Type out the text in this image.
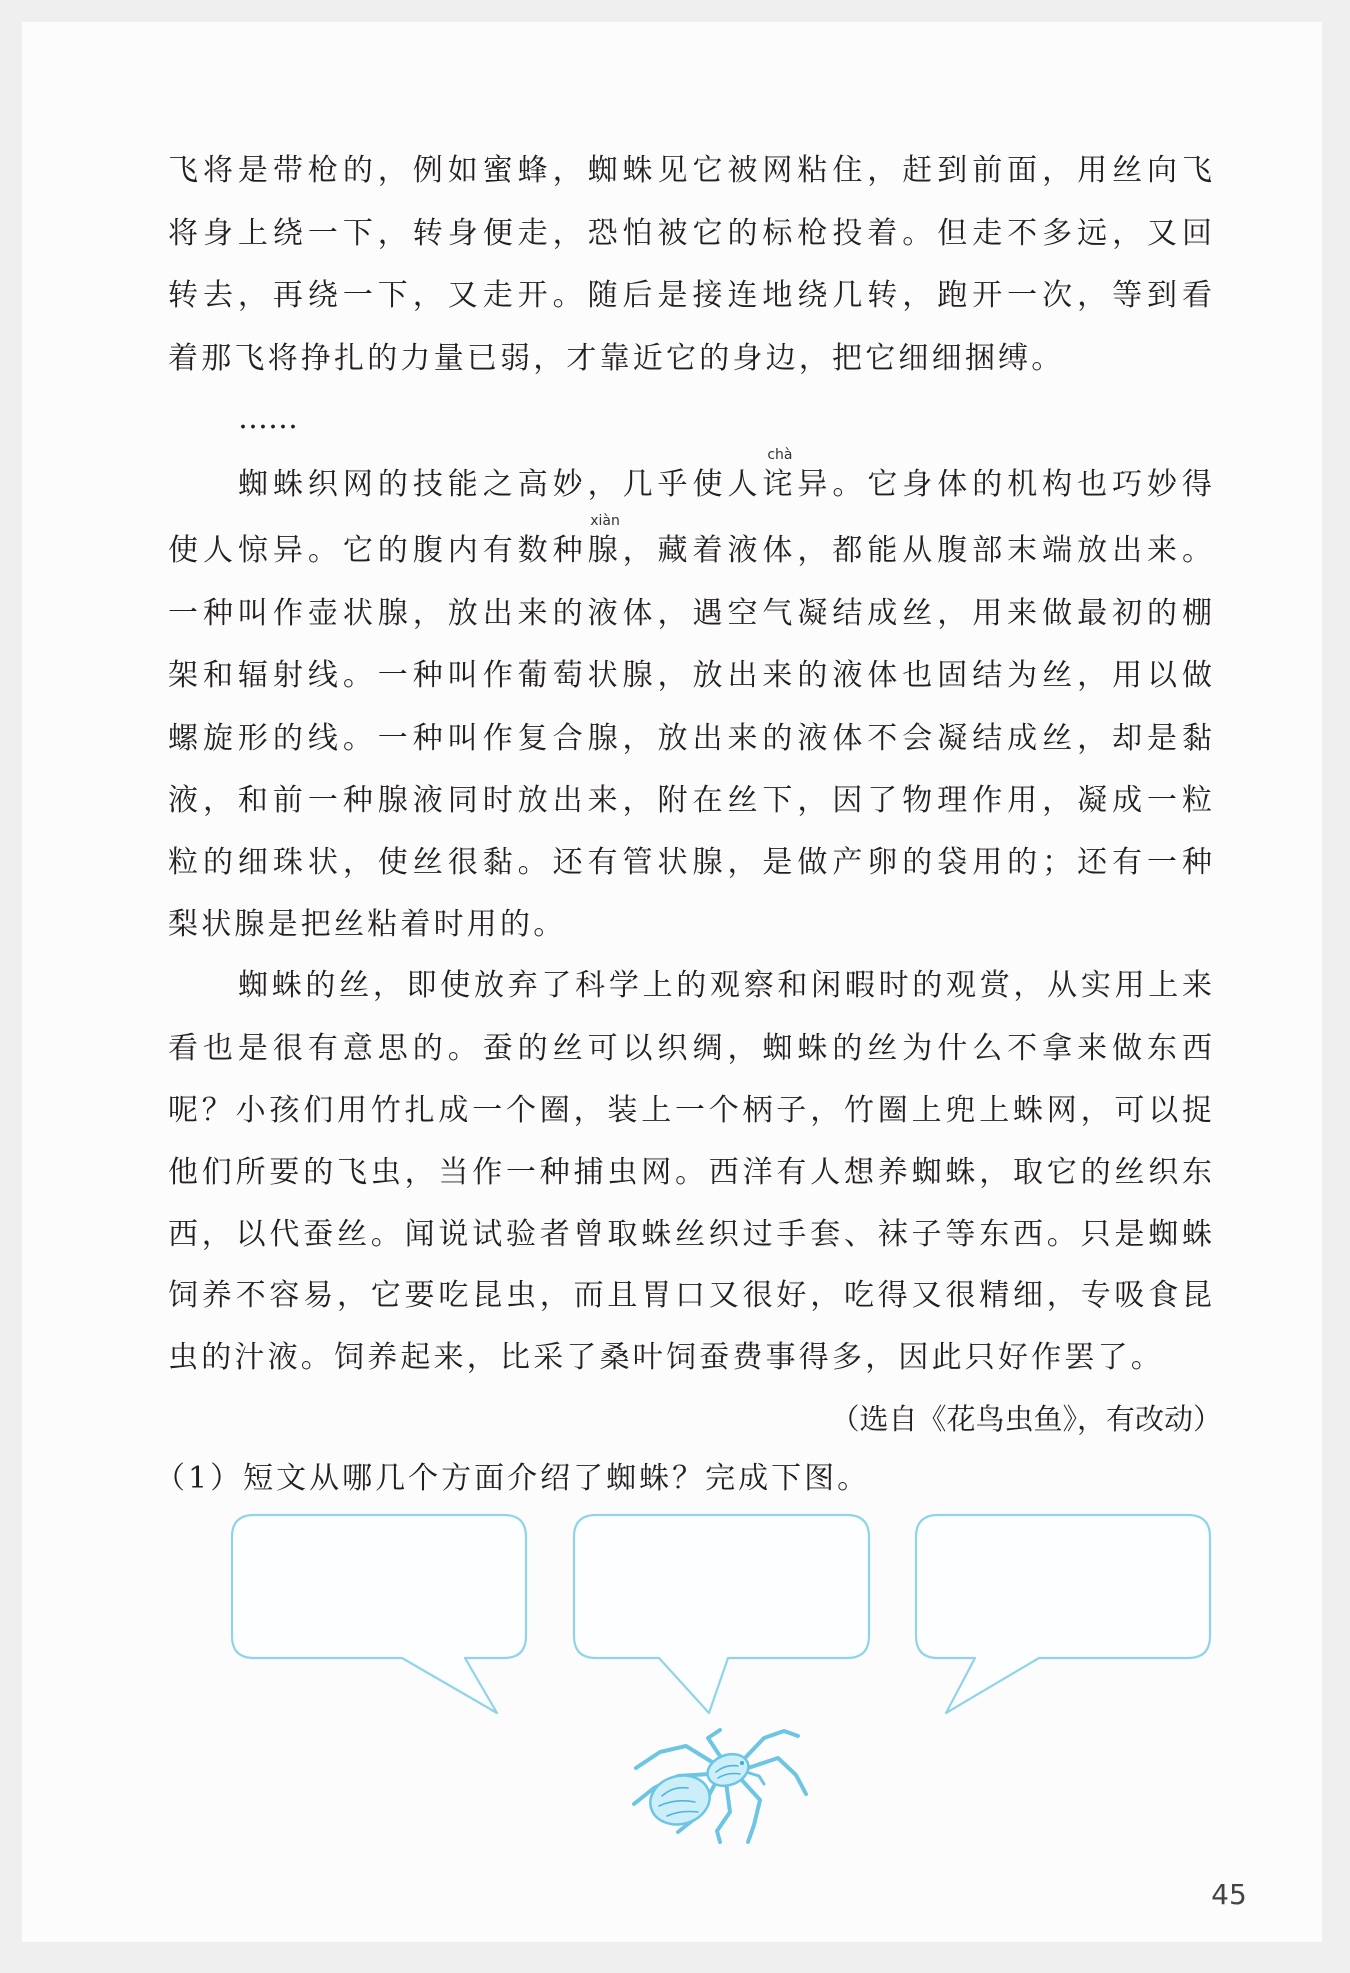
飞将是带枪的，例如蜜蜂，蜘蛛见它被网粘住，赶到前面，用丝向飞
将身上绕一下，转身便走，恐怕被它的标枪投着。但走不多远，又回
转去，再绕一下，又走开。随后是接连地绕几转，跑开一次，等到看
着那飞将挣扎的力量已弱，才靠近它的身边，把它细细捆缚。
……
蜘蛛织网的技能之高妙，几乎使人诧
chà
异。它身体的机构也巧妙得
使人惊异。它的腹内有数种腺
xiàn
，藏着液体，都能从腹部末端放出来。
一种叫作壶状腺，放出来的液体，遇空气凝结成丝，用来做最初的棚
架和辐射线。一种叫作葡萄状腺，放出来的液体也固结为丝，用以做
螺旋形的线。一种叫作复合腺，放出来的液体不会凝结成丝，却是黏
液，和前一种腺液同时放出来，附在丝下，因了物理作用，凝成一粒
粒的细珠状，使丝很黏。还有管状腺，是做产卵的袋用的；还有一种
梨状腺是把丝粘着时用的。
蜘蛛的丝，即使放弃了科学上的观察和闲暇时的观赏，从实用上来
看也是很有意思的。蚕的丝可以织绸，蜘蛛的丝为什么不拿来做东西
呢？小孩们用竹扎成一个圈，装上一个柄子，竹圈上兜上蛛网，可以捉
他们所要的飞虫，当作一种捕虫网。西洋有人想养蜘蛛，取它的丝织东
西，以代蚕丝。闻说试验者曾取蛛丝织过手套、袜子等东西。只是蜘蛛
饲养不容易，它要吃昆虫，而且胃口又很好，吃得又很精细，专吸食昆
虫的汁液。饲养起来，比采了桑叶饲蚕费事得多，因此只好作罢了。
（选自《花鸟虫鱼》，有改动）
（1）短文从哪几个方面介绍了蜘蛛？完成下图。
45
